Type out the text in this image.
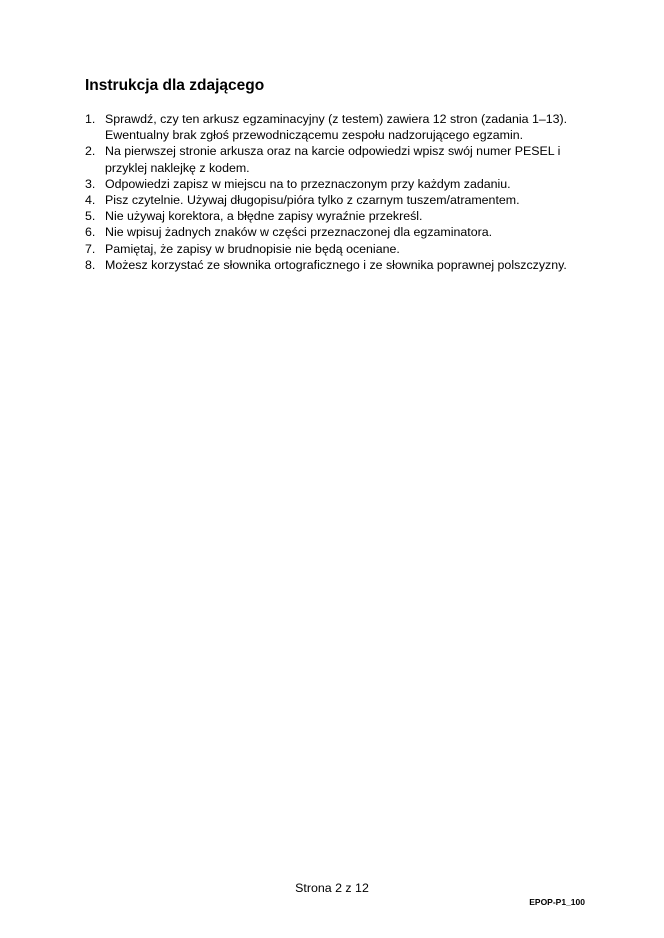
Instrukcja dla zdającego
1. Sprawdź, czy ten arkusz egzaminacyjny (z testem) zawiera 12 stron (zadania 1–13). Ewentualny brak zgłoś przewodniczącemu zespołu nadzorującego egzamin.
2. Na pierwszej stronie arkusza oraz na karcie odpowiedzi wpisz swój numer PESEL i przyklej naklejkę z kodem.
3. Odpowiedzi zapisz w miejscu na to przeznaczonym przy każdym zadaniu.
4. Pisz czytelnie. Używaj długopisu/pióra tylko z czarnym tuszem/atramentem.
5. Nie używaj korektora, a błędne zapisy wyraźnie przekreśl.
6. Nie wpisuj żadnych znaków w części przeznaczonej dla egzaminatora.
7. Pamiętaj, że zapisy w brudnopisie nie będą oceniane.
8. Możesz korzystać ze słownika ortograficznego i ze słownika poprawnej polszczyzny.
Strona 2 z 12
EPOP-P1_100
